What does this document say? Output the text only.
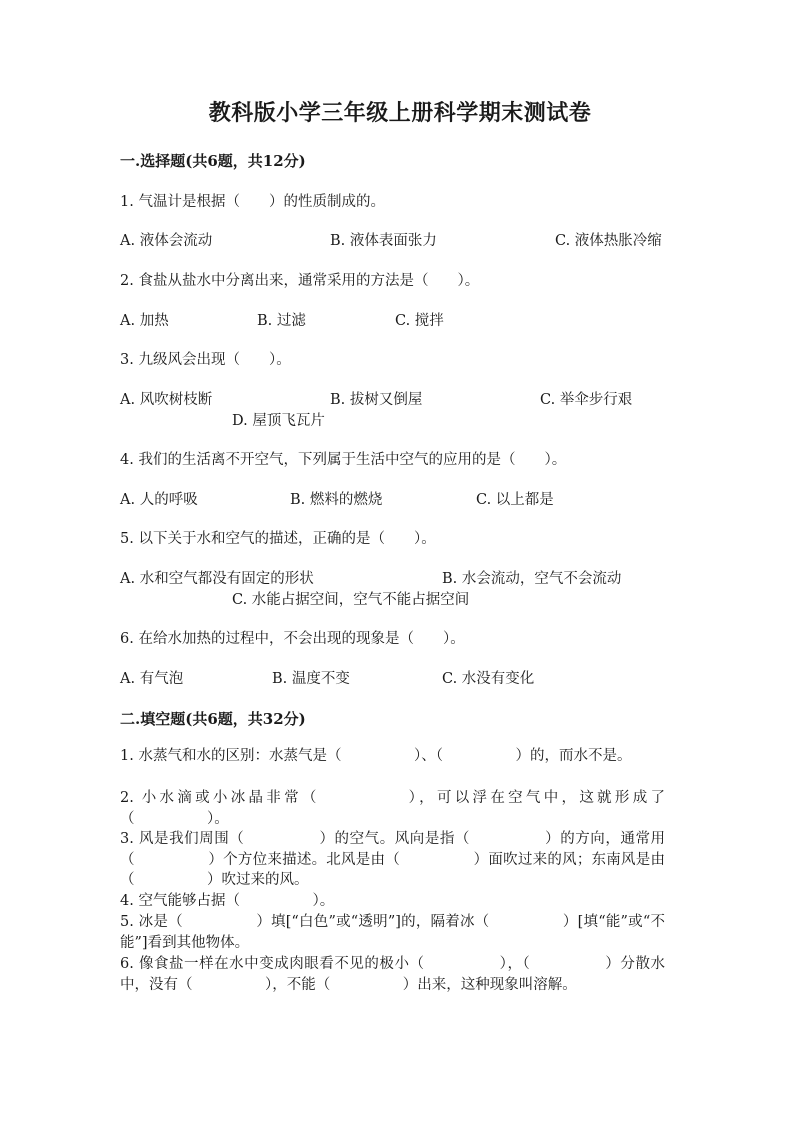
教科版小学三年级上册科学期末测试卷
一.选择题(共6题，共12分)
1. 气温计是根据（　　）的性质制成的。
A. 液体会流动	B. 液体表面张力	C. 液体热胀冷缩
2. 食盐从盐水中分离出来，通常采用的方法是（　　）。
A. 加热	B. 过滤	C. 搅拌
3. 九级风会出现（　　）。
A. 风吹树枝断	B. 拔树又倒屋	C. 举伞步行艰
D. 屋顶飞瓦片
4. 我们的生活离不开空气，下列属于生活中空气的应用的是（　　）。
A. 人的呼吸	B. 燃料的燃烧	C. 以上都是
5. 以下关于水和空气的描述，正确的是（　　）。
A. 水和空气都没有固定的形状	B. 水会流动，空气不会流动
C. 水能占据空间，空气不能占据空间
6. 在给水加热的过程中，不会出现的现象是（　　）。
A. 有气泡	B. 温度不变	C. 水没有变化
二.填空题(共6题，共32分)
1. 水蒸气和水的区别：水蒸气是（　　　　　）、（　　　　　）的，而水不是。
2. 小水滴或小冰晶非常（　　　　　），可以浮在空气中，这就形成了（　　　　　）。
3. 风是我们周围（　　　　　）的空气。风向是指（　　　　　）的方向，通常用（　　　　　）个方位来描述。北风是由（　　　　　）面吹过来的风；东南风是由（　　　　　）吹过来的风。
4. 空气能够占据（　　　　　）。
5. 冰是（　　　　　）填[“白色”或“透明”]的，隔着冰（　　　　　）[填“能”或“不能”]看到其他物体。
6. 像食盐一样在水中变成肉眼看不见的极小（　　　　　），（　　　　　）分散水中，没有（　　　　　），不能（　　　　　）出来，这种现象叫溶解。
